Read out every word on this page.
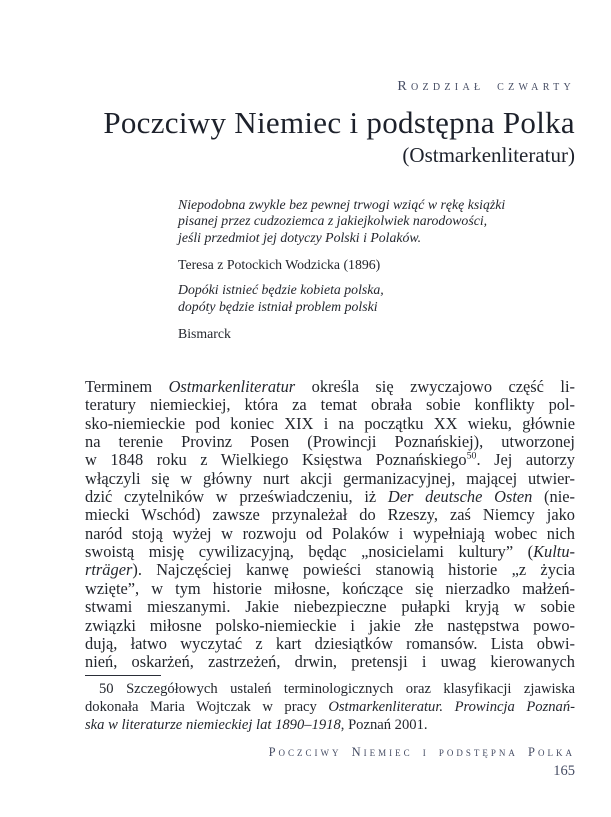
Rozdział czwarty
Poczciwy Niemiec i podstępna Polka
(Ostmarkenliteratur)
Niepodobna zwykle bez pewnej trwogi wziąć w rękę książki
pisanej przez cudzoziemca z jakiejkolwiek narodowości,
jeśli przedmiot jej dotyczy Polski i Polaków.
Teresa z Potockich Wodzicka (1896)
Dopóki istnieć będzie kobieta polska,
dopóty będzie istniał problem polski
Bismarck
Terminem Ostmarkenliteratur określa się zwyczajowo część li-
teratury niemieckiej, która za temat obrała sobie konflikty pol-
sko-niemieckie pod koniec XIX i na początku XX wieku, głównie
na terenie Provinz Posen (Prowincji Poznańskiej), utworzonej
w 1848 roku z Wielkiego Księstwa Poznańskiego$^{50}$. Jej autorzy
włączyli się w główny nurt akcji germanizacyjnej, mającej utwier-
dzić czytelników w przeświadczeniu, iż Der deutsche Osten (nie-
miecki Wschód) zawsze przynależał do Rzeszy, zaś Niemcy jako
naród stoją wyżej w rozwoju od Polaków i wypełniają wobec nich
swoistą misję cywilizacyjną, będąc „nosicielami kultury” (Kultu-
rträger). Najczęściej kanwę powieści stanowią historie „z życia
wzięte”, w tym historie miłosne, kończące się nierzadko małżeń-
stwami mieszanymi. Jakie niebezpieczne pułapki kryją w sobie
związki miłosne polsko-niemieckie i jakie złe następstwa powo-
dują, łatwo wyczytać z kart dziesiątków romansów. Lista obwi-
nień, oskarżeń, zastrzeżeń, drwin, pretensji i uwag kierowanych
50 Szczegółowych ustaleń terminologicznych oraz klasyfikacji zjawiska
dokonała Maria Wojtczak w pracy Ostmarkenliteratur. Prowincja Poznań-
ska w literaturze niemieckiej lat 1890–1918, Poznań 2001.
Poczciwy Niemiec i podstępna Polka
165
